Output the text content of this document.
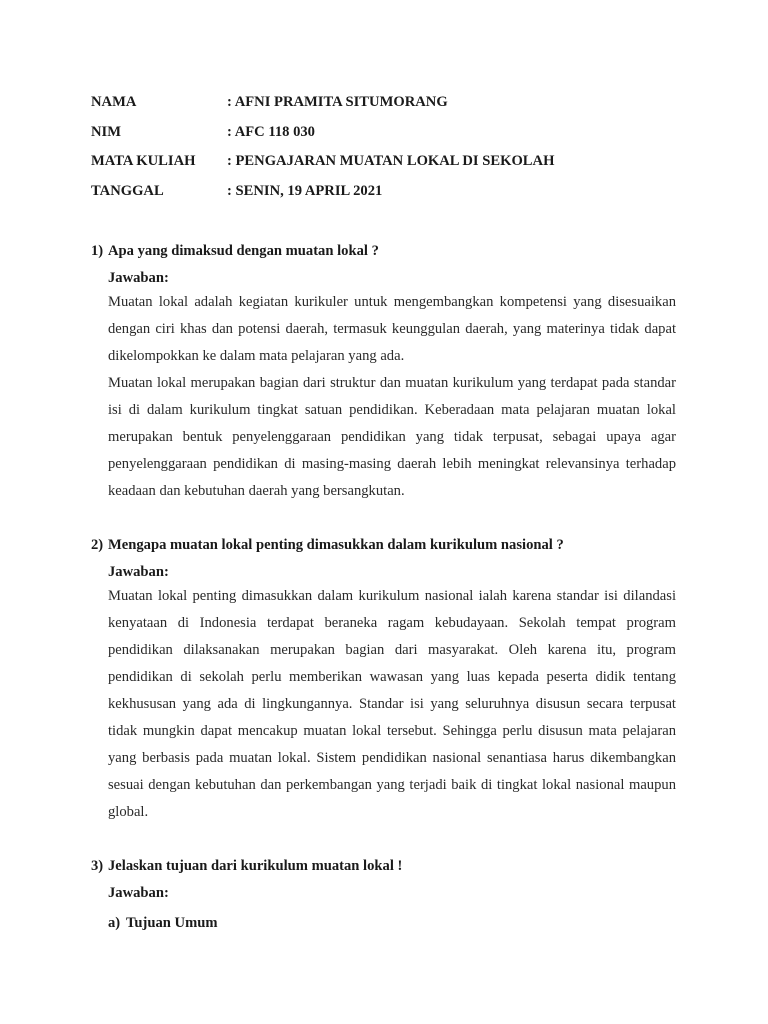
NAMA	: AFNI PRAMITA SITUMORANG
NIM	: AFC 118 030
MATA KULIAH : PENGAJARAN MUATAN LOKAL DI SEKOLAH
TANGGAL	: SENIN, 19 APRIL 2021
1) Apa yang dimaksud dengan muatan lokal ?
Jawaban:
Muatan lokal adalah kegiatan kurikuler untuk mengembangkan kompetensi yang disesuaikan dengan ciri khas dan potensi daerah, termasuk keunggulan daerah, yang materinya tidak dapat dikelompokkan ke dalam mata pelajaran yang ada.
Muatan lokal merupakan bagian dari struktur dan muatan kurikulum yang terdapat pada standar isi di dalam kurikulum tingkat satuan pendidikan. Keberadaan mata pelajaran muatan lokal merupakan bentuk penyelenggaraan pendidikan yang tidak terpusat, sebagai upaya agar penyelenggaraan pendidikan di masing-masing daerah lebih meningkat relevansinya terhadap keadaan dan kebutuhan daerah yang bersangkutan.
2) Mengapa muatan lokal penting dimasukkan dalam kurikulum nasional ?
Jawaban:
Muatan lokal penting dimasukkan dalam kurikulum nasional ialah karena standar isi dilandasi kenyataan di Indonesia terdapat beraneka ragam kebudayaan. Sekolah tempat program pendidikan dilaksanakan merupakan bagian dari masyarakat. Oleh karena itu, program pendidikan di sekolah perlu memberikan wawasan yang luas kepada peserta didik tentang kekhususan yang ada di lingkungannya. Standar isi yang seluruhnya disusun secara terpusat tidak mungkin dapat mencakup muatan lokal tersebut. Sehingga perlu disusun mata pelajaran yang berbasis pada muatan lokal. Sistem pendidikan nasional senantiasa harus dikembangkan sesuai dengan kebutuhan dan perkembangan yang terjadi baik di tingkat lokal nasional maupun global.
3) Jelaskan tujuan dari kurikulum muatan lokal !
Jawaban:
a) Tujuan Umum
